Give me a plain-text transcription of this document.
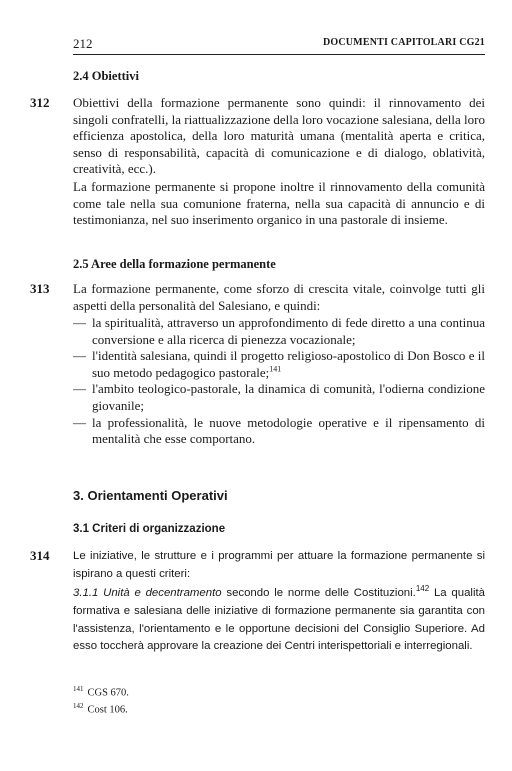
212	DOCUMENTI CAPITOLARI CG21
2.4 Obiettivi
312 Obiettivi della formazione permanente sono quindi: il rinnovamento dei singoli confratelli, la riattualizzazione della loro vocazione salesiana, della loro efficienza apostolica, della loro maturità umana (mentalità aperta e critica, senso di responsabilità, capacità di comunicazione e di dialogo, oblatività, creatività, ecc.).

La formazione permanente si propone inoltre il rinnovamento della comunità come tale nella sua comunione fraterna, nella sua capacità di annuncio e di testimonianza, nel suo inserimento organico in una pastorale di insieme.

2.5 Aree della formazione permanente
313 La formazione permanente, come sforzo di crescita vitale, coinvolge tutti gli aspetti della personalità del Salesiano, e quindi:

— la spiritualità, attraverso un approfondimento di fede diretto a una continua conversione e alla ricerca di pienezza vocazionale;
— l'identità salesiana, quindi il progetto religioso-apostolico di Don Bosco e il suo metodo pedagogico pastorale;$^{141}$
— l'ambito teologico-pastorale, la dinamica di comunità, l'odierna condizione giovanile;
— la professionalità, le nuove metodologie operative e il ripensamento di mentalità che esse comportano.
3. Orientamenti Operativi
3.1 Criteri di organizzazione
314 Le iniziative, le strutture e i programmi per attuare la formazione permanente si ispirano a questi criteri:

3.1.1 Unità e decentramento secondo le norme delle Costituzioni.$^{142}$ La qualità formativa e salesiana delle iniziative di formazione permanente sia garantita con l'assistenza, l'orientamento e le opportune decisioni del Consiglio Superiore. Ad esso toccherà approvare la creazione dei Centri interispettoriali e interregionali.

$^{141}$ CGS 670.
$^{142}$ Cost 106.
